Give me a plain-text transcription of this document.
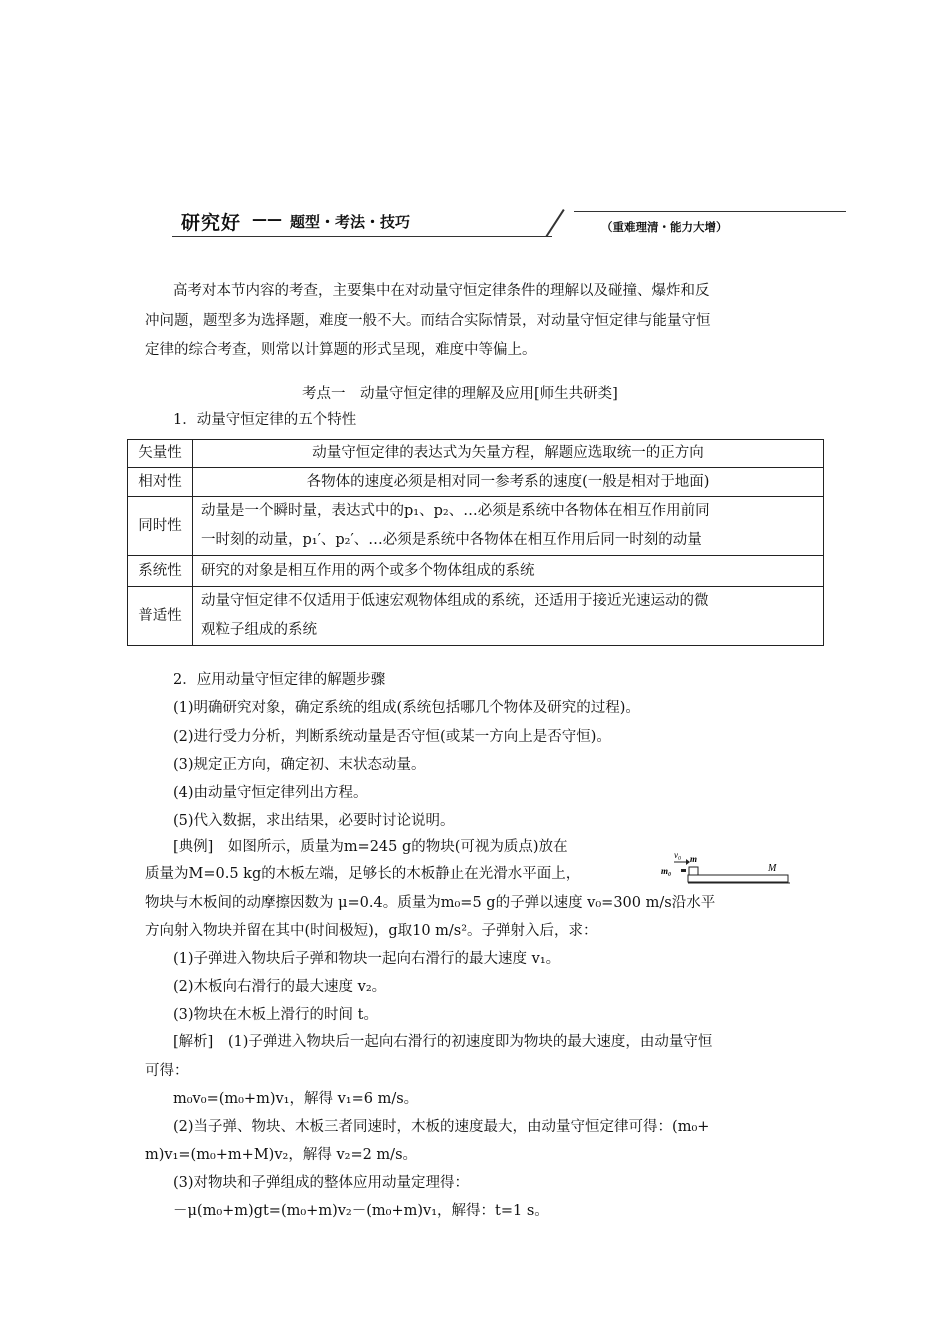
研究好 —— 题型・考法・技巧	（重难理清・能力大增）
高考对本节内容的考查，主要集中在对动量守恒定律条件的理解以及碰撞、爆炸和反
冲问题，题型多为选择题，难度一般不大。而结合实际情景，对动量守恒定律与能量守恒
定律的综合考查，则常以计算题的形式呈现，难度中等偏上。
考点一　动量守恒定律的理解及应用[师生共研类]
1．动量守恒定律的五个特性
矢量性	动量守恒定律的表达式为矢量方程，解题应选取统一的正方向
相对性	各物体的速度必须是相对同一参考系的速度(一般是相对于地面)
同时性	动量是一个瞬时量，表达式中的p₁、p₂、…必须是系统中各物体在相互作用前同
一时刻的动量，p₁′、p₂′、…必须是系统中各物体在相互作用后同一时刻的动量

系统性	研究的对象是相互作用的两个或多个物体组成的系统
普适性	动量守恒定律不仅适用于低速宏观物体组成的系统，还适用于接近光速运动的微
观粒子组成的系统
2．应用动量守恒定律的解题步骤
(1)明确研究对象，确定系统的组成(系统包括哪几个物体及研究的过程)。
(2)进行受力分析，判断系统动量是否守恒(或某一方向上是否守恒)。
(3)规定正方向，确定初、末状态动量。
(4)由动量守恒定律列出方程。
(5)代入数据，求出结果，必要时讨论说明。
[典例]　如图所示，质量为m=245 g的物块(可视为质点)放在
质量为M=0.5 kg的木板左端，足够长的木板静止在光滑水平面上，
物块与木板间的动摩擦因数为 μ=0.4。质量为m₀=5 g的子弹以速度 v₀=300 m/s沿水平
方向射入物块并留在其中(时间极短)，g取10 m/s²。子弹射入后，求：
(1)子弹进入物块后子弹和物块一起向右滑行的最大速度 v₁。
(2)木板向右滑行的最大速度 v₂。
(3)物块在木板上滑行的时间 t。
v₀ m
m₀	M
[解析]　(1)子弹进入物块后一起向右滑行的初速度即为物块的最大速度，由动量守恒
可得：
m₀v₀=(m₀+m)v₁，解得 v₁=6 m/s。
(2)当子弹、物块、木板三者同速时，木板的速度最大，由动量守恒定律可得：(m₀+
m)v₁=(m₀+m+M)v₂，解得 v₂=2 m/s。
(3)对物块和子弹组成的整体应用动量定理得：
－μ(m₀+m)gt=(m₀+m)v₂－(m₀+m)v₁，解得：t=1 s。
